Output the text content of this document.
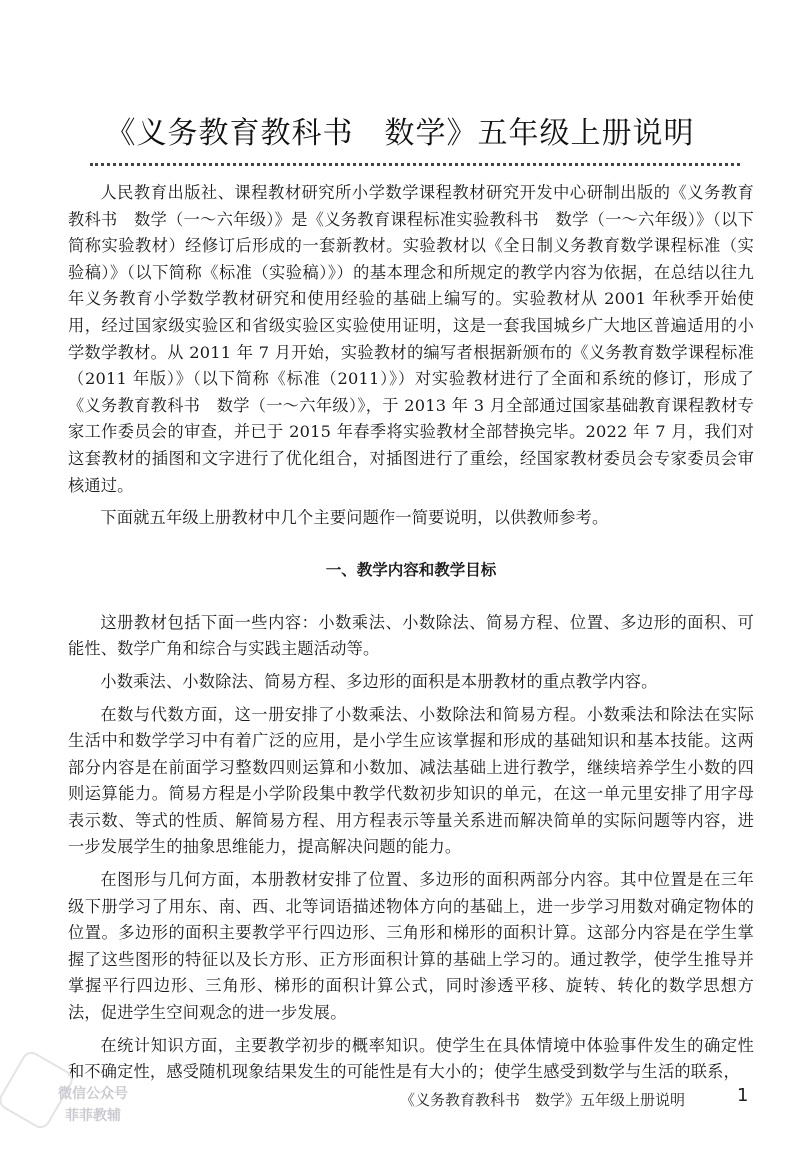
《义务教育教科书　数学》五年级上册说明

人民教育出版社、课程教材研究所小学数学课程教材研究开发中心研制出版的《义务教育教科书　数学（一～六年级）》是《义务教育课程标准实验教科书　数学（一～六年级）》（以下简称实验教材）经修订后形成的一套新教材。实验教材以《全日制义务教育数学课程标准（实验稿）》（以下简称《标准（实验稿）》）的基本理念和所规定的教学内容为依据，在总结以往九年义务教育小学数学教材研究和使用经验的基础上编写的。实验教材从 2001 年秋季开始使用，经过国家级实验区和省级实验区实验使用证明，这是一套我国城乡广大地区普遍适用的小学数学教材。从 2011 年 7 月开始，实验教材的编写者根据新颁布的《义务教育数学课程标准（2011 年版）》（以下简称《标准（2011）》）对实验教材进行了全面和系统的修订，形成了《义务教育教科书　数学（一～六年级）》，于 2013 年 3 月全部通过国家基础教育课程教材专家工作委员会的审查，并已于 2015 年春季将实验教材全部替换完毕。2022 年 7 月，我们对这套教材的插图和文字进行了优化组合，对插图进行了重绘，经国家教材委员会专家委员会审核通过。

下面就五年级上册教材中几个主要问题作一简要说明，以供教师参考。

一、教学内容和教学目标

这册教材包括下面一些内容：小数乘法、小数除法、简易方程、位置、多边形的面积、可能性、数学广角和综合与实践主题活动等。

小数乘法、小数除法、简易方程、多边形的面积是本册教材的重点教学内容。

在数与代数方面，这一册安排了小数乘法、小数除法和简易方程。小数乘法和除法在实际生活中和数学学习中有着广泛的应用，是小学生应该掌握和形成的基础知识和基本技能。这两部分内容是在前面学习整数四则运算和小数加、减法基础上进行教学，继续培养学生小数的四则运算能力。简易方程是小学阶段集中教学代数初步知识的单元，在这一单元里安排了用字母表示数、等式的性质、解简易方程、用方程表示等量关系进而解决简单的实际问题等内容，进一步发展学生的抽象思维能力，提高解决问题的能力。

在图形与几何方面，本册教材安排了位置、多边形的面积两部分内容。其中位置是在三年级下册学习了用东、南、西、北等词语描述物体方向的基础上，进一步学习用数对确定物体的位置。多边形的面积主要教学平行四边形、三角形和梯形的面积计算。这部分内容是在学生掌握了这些图形的特征以及长方形、正方形面积计算的基础上学习的。通过教学，使学生推导并掌握平行四边形、三角形、梯形的面积计算公式，同时渗透平移、旋转、转化的数学思想方法，促进学生空间观念的进一步发展。

在统计知识方面，主要教学初步的概率知识。使学生在具体情境中体验事件发生的确定性和不确定性，感受随机现象结果发生的可能性是有大小的；使学生感受到数学与生活的联系，

微信公众号
菲菲教辅
《义务教育教科书　数学》五年级上册说明	1
